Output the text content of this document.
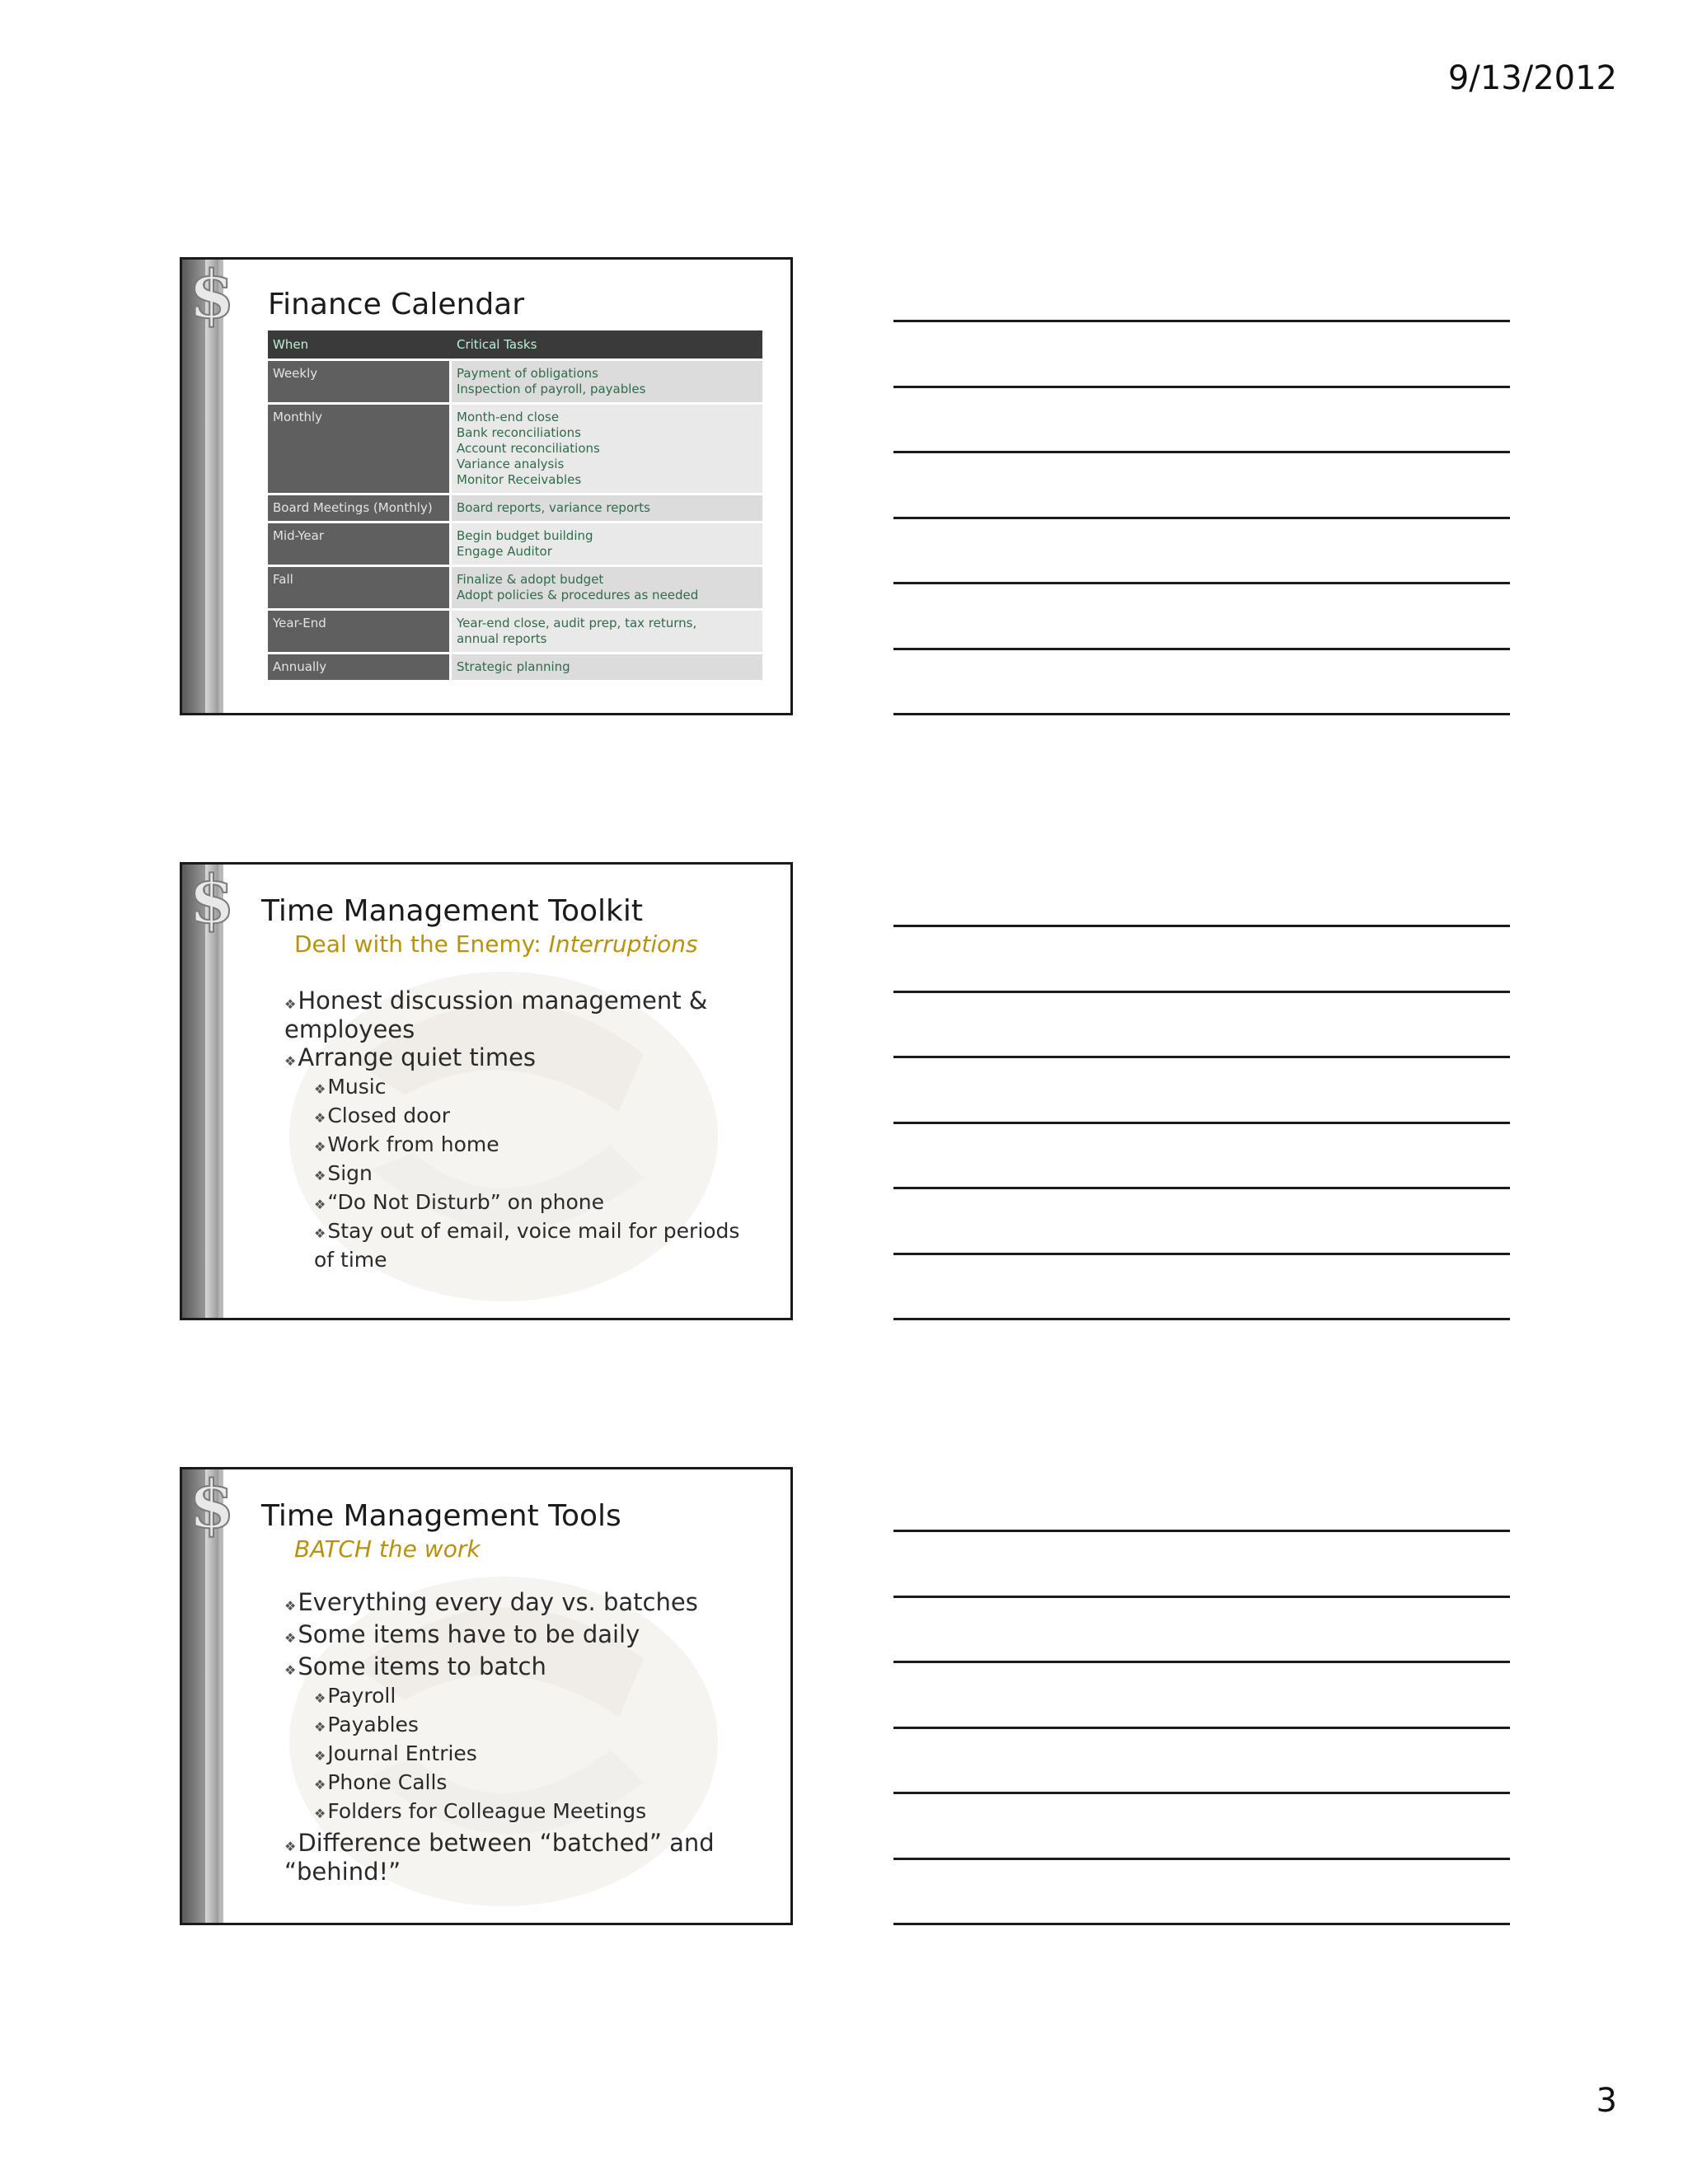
9/13/2012
$ Finance Calendar
When	Critical Tasks
Weekly	Payment of obligations
Inspection of payroll, payables
Monthly	Month-end close
Bank reconciliations
Account reconciliations
Variance analysis
Monitor Receivables
Board Meetings (Monthly)	Board reports, variance reports
Mid-Year	Begin budget building
Engage Auditor
Fall	Finalize & adopt budget
Adopt policies & procedures as needed
Year-End	Year-end close, audit prep, tax returns,
annual reports
Annually	Strategic planning
$ Time Management Toolkit
Deal with the Enemy: Interruptions
❖Honest discussion management & employees
❖Arrange quiet times
❖Music
❖Closed door
❖Work from home
❖Sign
❖“Do Not Disturb” on phone
❖Stay out of email, voice mail for periods of time
$ Time Management Tools
BATCH the work
❖Everything every day vs. batches
❖Some items have to be daily
❖Some items to batch
❖Payroll
❖Payables
❖Journal Entries
❖Phone Calls
❖Folders for Colleague Meetings
❖Difference between “batched” and “behind!”
3
